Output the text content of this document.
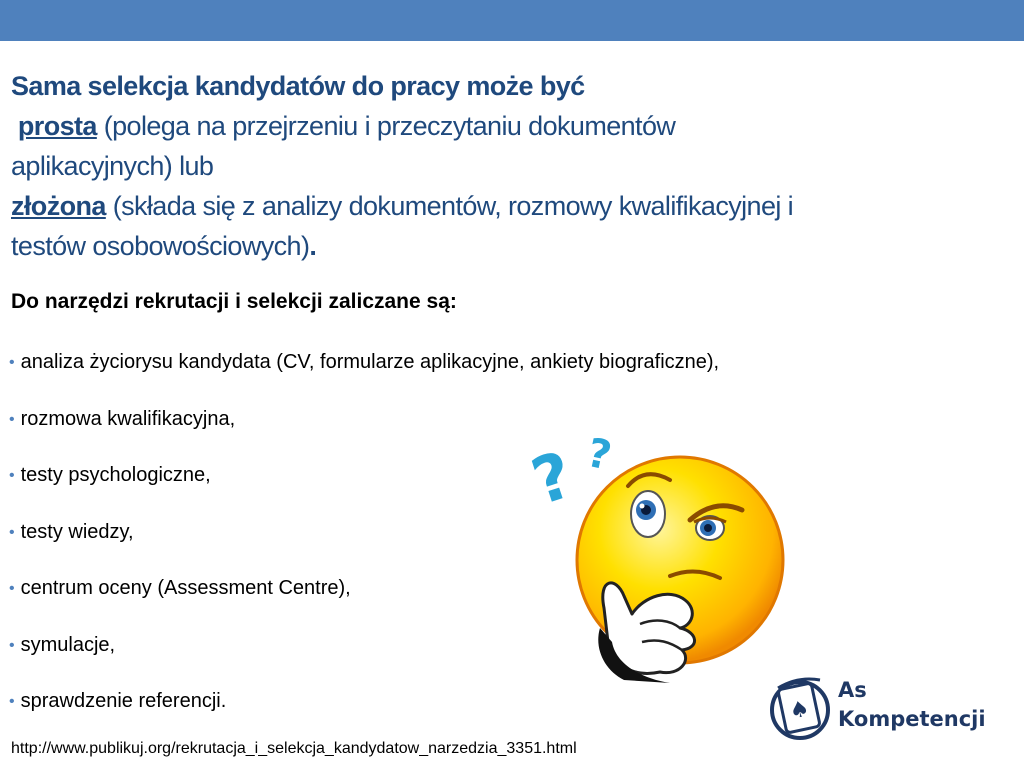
Sama selekcja kandydatów do pracy może być
prosta (polega na przejrzeniu i przeczytaniu dokumentów
aplikacyjnych) lub
złożona (składa się z analizy dokumentów, rozmowy kwalifikacyjnej i
testów osobowościowych).
Do narzędzi rekrutacji i selekcji zaliczane są:
• analiza życiorysu kandydata (CV, formularze aplikacyjne, ankiety biograficzne),
• rozmowa kwalifikacyjna,
• testy psychologiczne,
• testy wiedzy,
• centrum oceny (Assessment Centre),
• symulacje,
• sprawdzenie referencji.
? ?
♠
As
Kompetencji
http://www.publikuj.org/rekrutacja_i_selekcja_kandydatow_narzedzia_3351.html
